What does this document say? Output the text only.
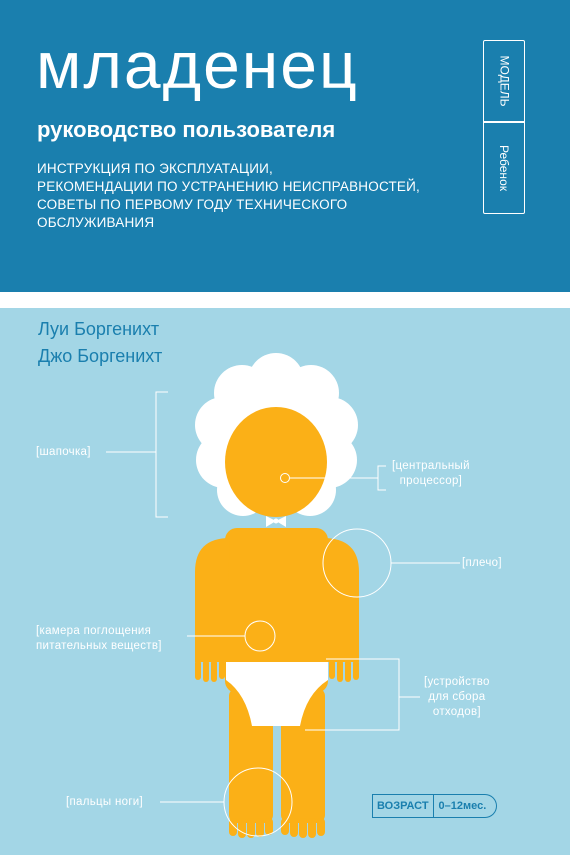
младенец
руководство пользователя
ИНСТРУКЦИЯ ПО ЭКСПЛУАТАЦИИ,
РЕКОМЕНДАЦИИ ПО УСТРАНЕНИЮ НЕИСПРАВНОСТЕЙ,
СОВЕТЫ ПО ПЕРВОМУ ГОДУ ТЕХНИЧЕСКОГО
ОБСЛУЖИВАНИЯ
МОДЕЛЬ
Ребенок
Луи Боргенихт
Джо Боргенихт
[шапочка]
[центральный
процессор]
[плечо]
[камера поглощения
питательных веществ]
[устройство
для сбора
отходов]
[пальцы ноги]	ВОЗРАСТ 0–12мес.
